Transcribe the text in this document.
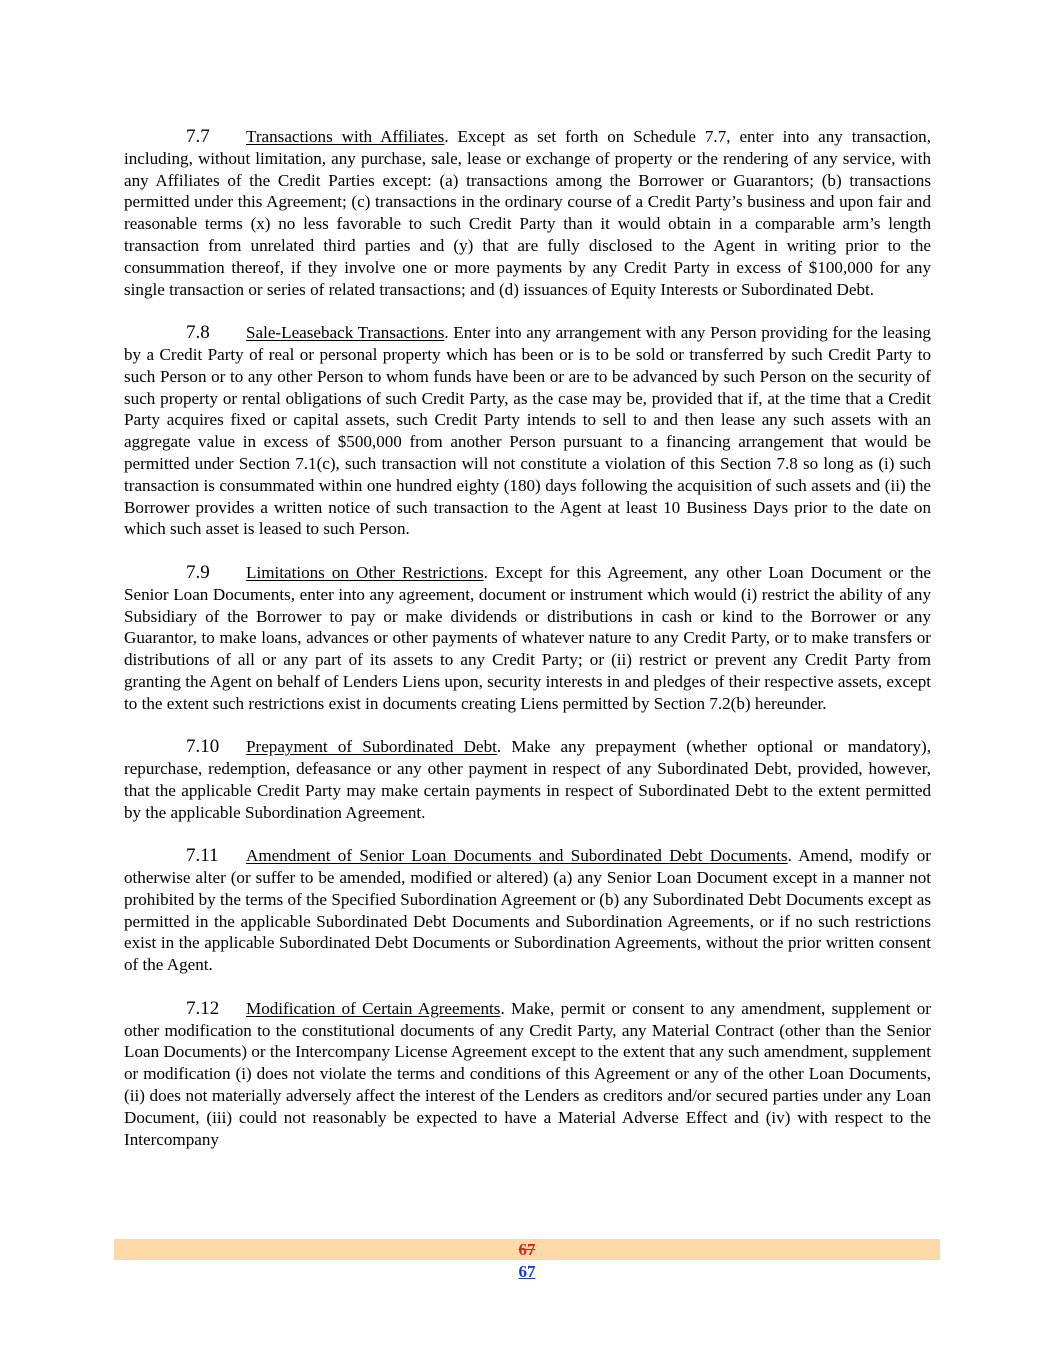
7.7 Transactions with Affiliates. Except as set forth on Schedule 7.7, enter into any transaction, including, without limitation, any purchase, sale, lease or exchange of property or the rendering of any service, with any Affiliates of the Credit Parties except: (a) transactions among the Borrower or Guarantors; (b) transactions permitted under this Agreement; (c) transactions in the ordinary course of a Credit Party’s business and upon fair and reasonable terms (x) no less favorable to such Credit Party than it would obtain in a comparable arm’s length transaction from unrelated third parties and (y) that are fully disclosed to the Agent in writing prior to the consummation thereof, if they involve one or more payments by any Credit Party in excess of $100,000 for any single transaction or series of related transactions; and (d) issuances of Equity Interests or Subordinated Debt.

7.8 Sale-Leaseback Transactions. Enter into any arrangement with any Person providing for the leasing by a Credit Party of real or personal property which has been or is to be sold or transferred by such Credit Party to such Person or to any other Person to whom funds have been or are to be advanced by such Person on the security of such property or rental obligations of such Credit Party, as the case may be, provided that if, at the time that a Credit Party acquires fixed or capital assets, such Credit Party intends to sell to and then lease any such assets with an aggregate value in excess of $500,000 from another Person pursuant to a financing arrangement that would be permitted under Section 7.1(c), such transaction will not constitute a violation of this Section 7.8 so long as (i) such transaction is consummated within one hundred eighty (180) days following the acquisition of such assets and (ii) the Borrower provides a written notice of such transaction to the Agent at least 10 Business Days prior to the date on which such asset is leased to such Person.

7.9 Limitations on Other Restrictions. Except for this Agreement, any other Loan Document or the Senior Loan Documents, enter into any agreement, document or instrument which would (i) restrict the ability of any Subsidiary of the Borrower to pay or make dividends or distributions in cash or kind to the Borrower or any Guarantor, to make loans, advances or other payments of whatever nature to any Credit Party, or to make transfers or distributions of all or any part of its assets to any Credit Party; or (ii) restrict or prevent any Credit Party from granting the Agent on behalf of Lenders Liens upon, security interests in and pledges of their respective assets, except to the extent such restrictions exist in documents creating Liens permitted by Section 7.2(b) hereunder.

7.10 Prepayment of Subordinated Debt. Make any prepayment (whether optional or mandatory), repurchase, redemption, defeasance or any other payment in respect of any Subordinated Debt, provided, however, that the applicable Credit Party may make certain payments in respect of Subordinated Debt to the extent permitted by the applicable Subordination Agreement.

7.11 Amendment of Senior Loan Documents and Subordinated Debt Documents. Amend, modify or otherwise alter (or suffer to be amended, modified or altered) (a) any Senior Loan Document except in a manner not prohibited by the terms of the Specified Subordination Agreement or (b) any Subordinated Debt Documents except as permitted in the applicable Subordinated Debt Documents and Subordination Agreements, or if no such restrictions exist in the applicable Subordinated Debt Documents or Subordination Agreements, without the prior written consent of the Agent.

7.12 Modification of Certain Agreements. Make, permit or consent to any amendment, supplement or other modification to the constitutional documents of any Credit Party, any Material Contract (other than the Senior Loan Documents) or the Intercompany License Agreement except to the extent that any such amendment, supplement or modification (i) does not violate the terms and conditions of this Agreement or any of the other Loan Documents, (ii) does not materially adversely affect the interest of the Lenders as creditors and/or secured parties under any Loan Document, (iii) could not reasonably be expected to have a Material Adverse Effect and (iv) with respect to the Intercompany

67
67
